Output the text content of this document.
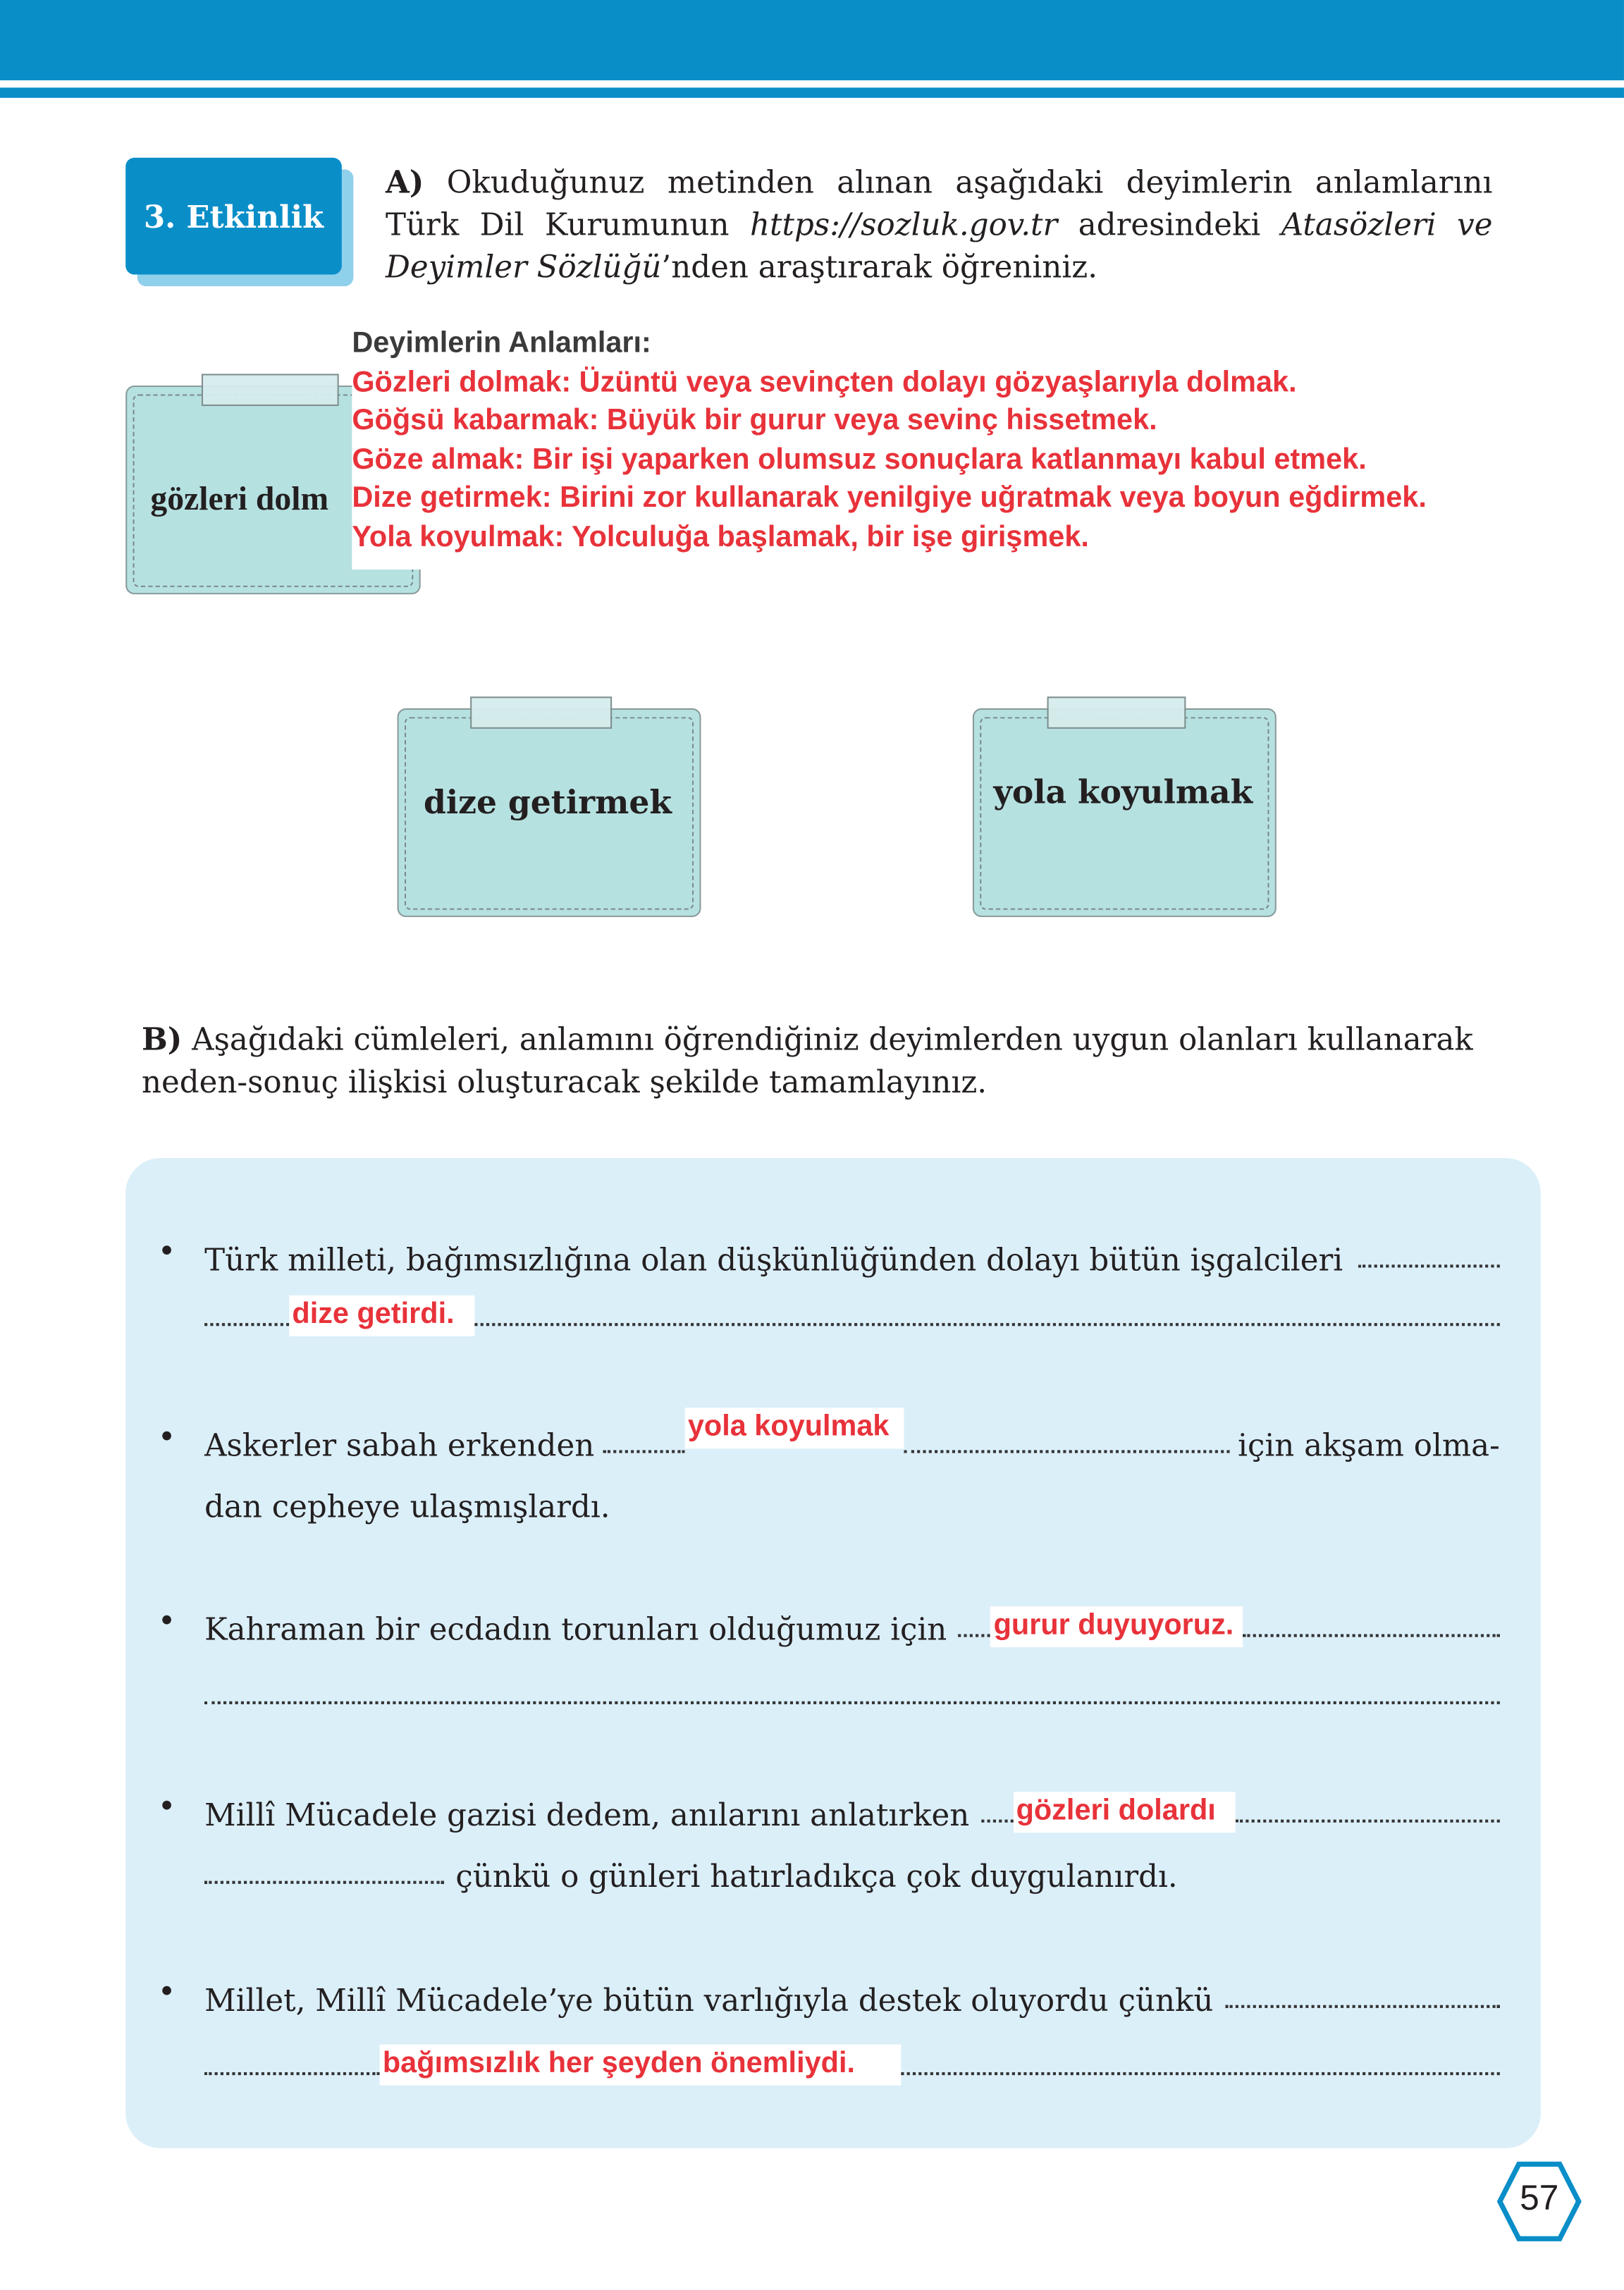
3. Etkinlik
A) Okuduğunuz metinden alınan aşağıdaki deyimlerin anlamlarını Türk Dil Kurumunun https://sozluk.gov.tr adresindeki Atasözleri ve Deyimler Sözlüğü’nden araştırarak öğreniniz.
gözleri dolm
Deyimlerin Anlamları:
Gözleri dolmak: Üzüntü veya sevinçten dolayı gözyaşlarıyla dolmak.
Göğsü kabarmak: Büyük bir gurur veya sevinç hissetmek.
Göze almak: Bir işi yaparken olumsuz sonuçlara katlanmayı kabul etmek.
Dize getirmek: Birini zor kullanarak yenilgiye uğratmak veya boyun eğdirmek.
Yola koyulmak: Yolculuğa başlamak, bir işe girişmek.
dize getirmek	yola koyulmak
B) Aşağıdaki cümleleri, anlamını öğrendiğiniz deyimlerden uygun olanları kullanarak neden-sonuç ilişkisi oluşturacak şekilde tamamlayınız.
• Türk milleti, bağımsızlığına olan düşkünlüğünden dolayı bütün işgalcileri
dize getirdi.
• Askerler sabah erkenden
yola koyulmak
için akşam olma-
dan cepheye ulaşmışlardı.
• Kahraman bir ecdadın torunları olduğumuz için	gurur duyuyoruz.
• Millî Mücadele gazisi dedem, anılarını anlatırken	gözleri dolardı
çünkü o günleri hatırladıkça çok duygulanırdı.
• Millet, Millî Mücadele’ye bütün varlığıyla destek oluyordu çünkü
bağımsızlık her şeyden önemliydi.
57
